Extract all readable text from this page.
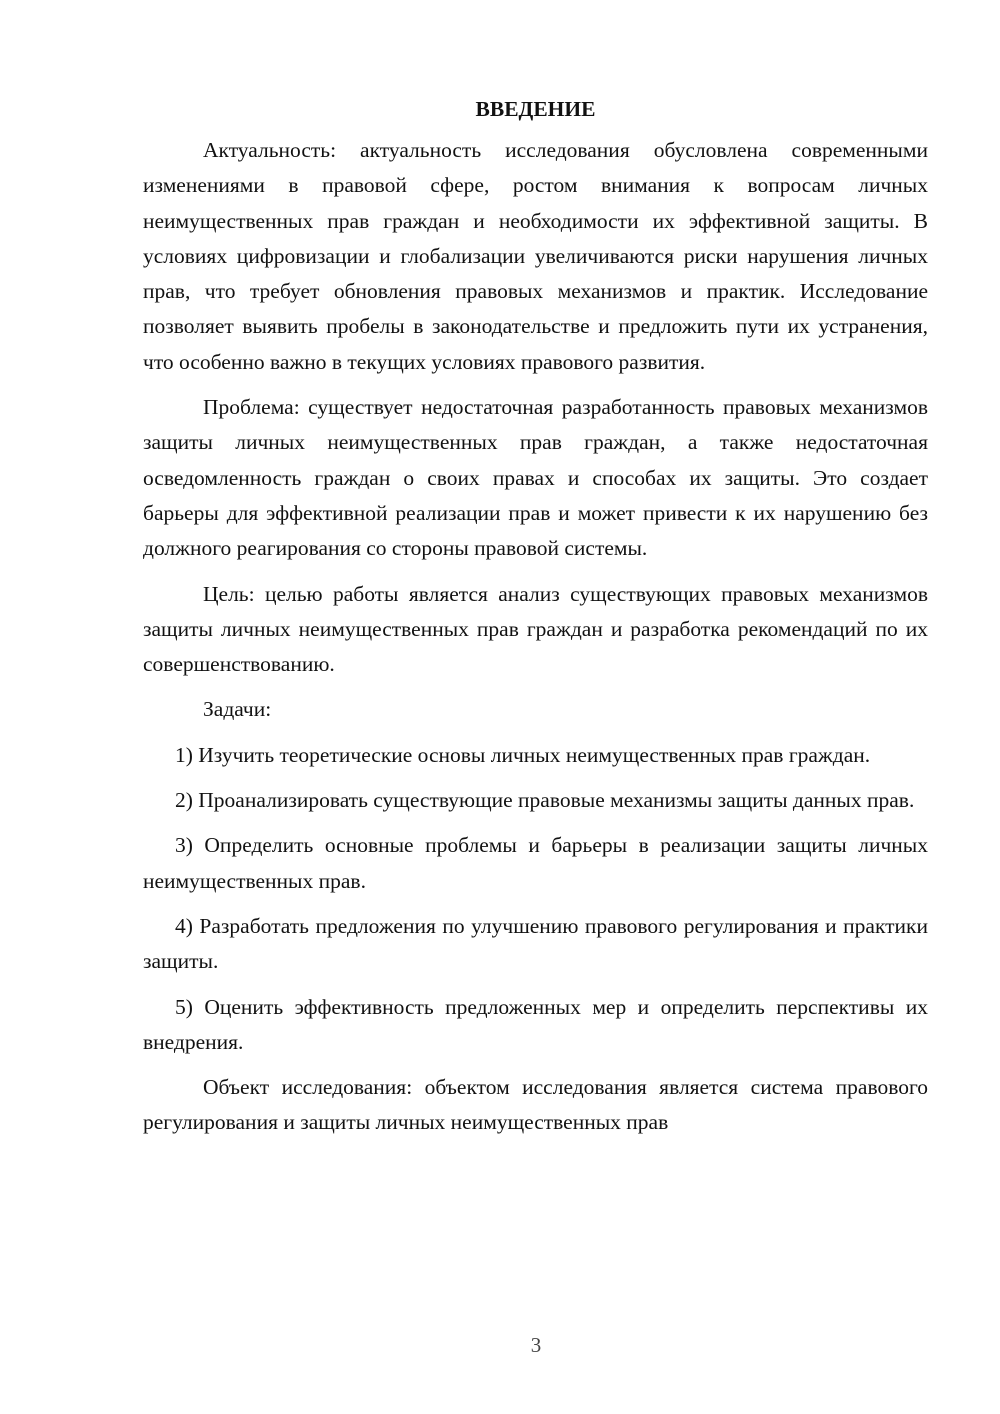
ВВЕДЕНИЕ

Актуальность: актуальность исследования обусловлена современными изменениями в правовой сфере, ростом внимания к вопросам личных неимущественных прав граждан и необходимости их эффективной защиты. В условиях цифровизации и глобализации увеличиваются риски нарушения личных прав, что требует обновления правовых механизмов и практик. Исследование позволяет выявить пробелы в законодательстве и предложить пути их устранения, что особенно важно в текущих условиях правового развития.

Проблема: существует недостаточная разработанность правовых механизмов защиты личных неимущественных прав граждан, а также недостаточная осведомленность граждан о своих правах и способах их защиты. Это создает барьеры для эффективной реализации прав и может привести к их нарушению без должного реагирования со стороны правовой системы.

Цель: целью работы является анализ существующих правовых механизмов защиты личных неимущественных прав граждан и разработка рекомендаций по их совершенствованию.

Задачи:

1) Изучить теоретические основы личных неимущественных прав граждан.

2) Проанализировать существующие правовые механизмы защиты данных прав.

3) Определить основные проблемы и барьеры в реализации защиты личных неимущественных прав.

4) Разработать предложения по улучшению правового регулирования и практики защиты.

5) Оценить эффективность предложенных мер и определить перспективы их внедрения.

Объект исследования: объектом исследования является система правового регулирования и защиты личных неимущественных прав

3
